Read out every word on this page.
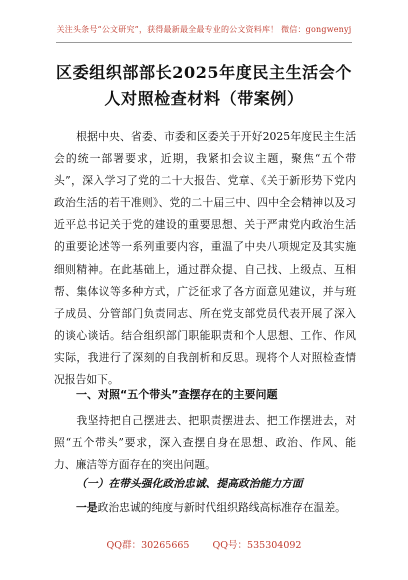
关注头条号“公文研究”，获得最新最全最专业的公文资料库！ 微信：gongwenyj
区委组织部部长2025年度民主生活会个
人对照检查材料（带案例）
根据中央、省委、市委和区委关于开好2025年度民主生活会的统一部署要求，近期，我紧扣会议主题，聚焦“五个带头”，深入学习了党的二十大报告、党章、《关于新形势下党内政治生活的若干准则》、党的二十届三中、四中全会精神以及习近平总书记关于党的建设的重要思想、关于严肃党内政治生活的重要论述等一系列重要内容，重温了中央八项规定及其实施细则精神。在此基础上，通过群众提、自己找、上级点、互相帮、集体议等多种方式，广泛征求了各方面意见建议，并与班子成员、分管部门负责同志、所在党支部党员代表开展了深入的谈心谈话。结合组织部门职能职责和个人思想、工作、作风实际，我进行了深刻的自我剖析和反思。现将个人对照检查情况报告如下。
一、对照“五个带头”查摆存在的主要问题
我坚持把自己摆进去、把职责摆进去、把工作摆进去，对照“五个带头”要求，深入查摆自身在思想、政治、作风、能力、廉洁等方面存在的突出问题。
（一）在带头强化政治忠诚、提高政治能力方面
一是政治忠诚的纯度与新时代组织路线高标准存在温差。
QQ群：30265665 QQ号：535304092
